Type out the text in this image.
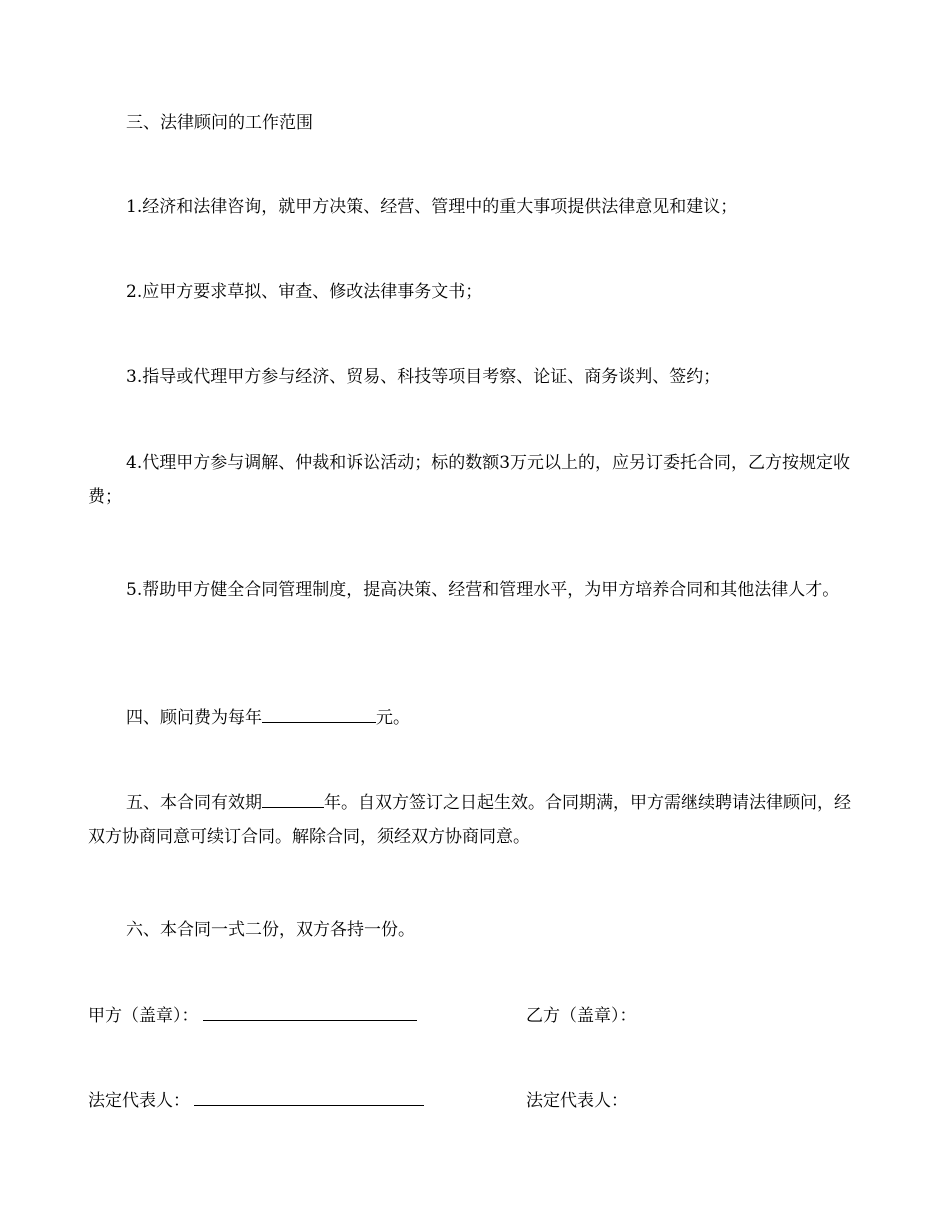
三、法律顾问的工作范围
1.经济和法律咨询，就甲方决策、经营、管理中的重大事项提供法律意见和建议；
2.应甲方要求草拟、审查、修改法律事务文书；
3.指导或代理甲方参与经济、贸易、科技等项目考察、论证、商务谈判、签约；
4.代理甲方参与调解、仲裁和诉讼活动；标的数额3万元以上的，应另订委托合同，乙方按规定收费；
5.帮助甲方健全合同管理制度，提高决策、经营和管理水平，为甲方培养合同和其他法律人才。
四、顾问费为每年	元。
五、本合同有效期	年。自双方签订之日起生效。合同期满，甲方需继续聘请法律顾问，经双方协商同意可续订合同。解除合同，须经双方协商同意。
六、本合同一式二份，双方各持一份。
甲方（盖章）：	乙方（盖章）：
法定代表人：	法定代表人：
